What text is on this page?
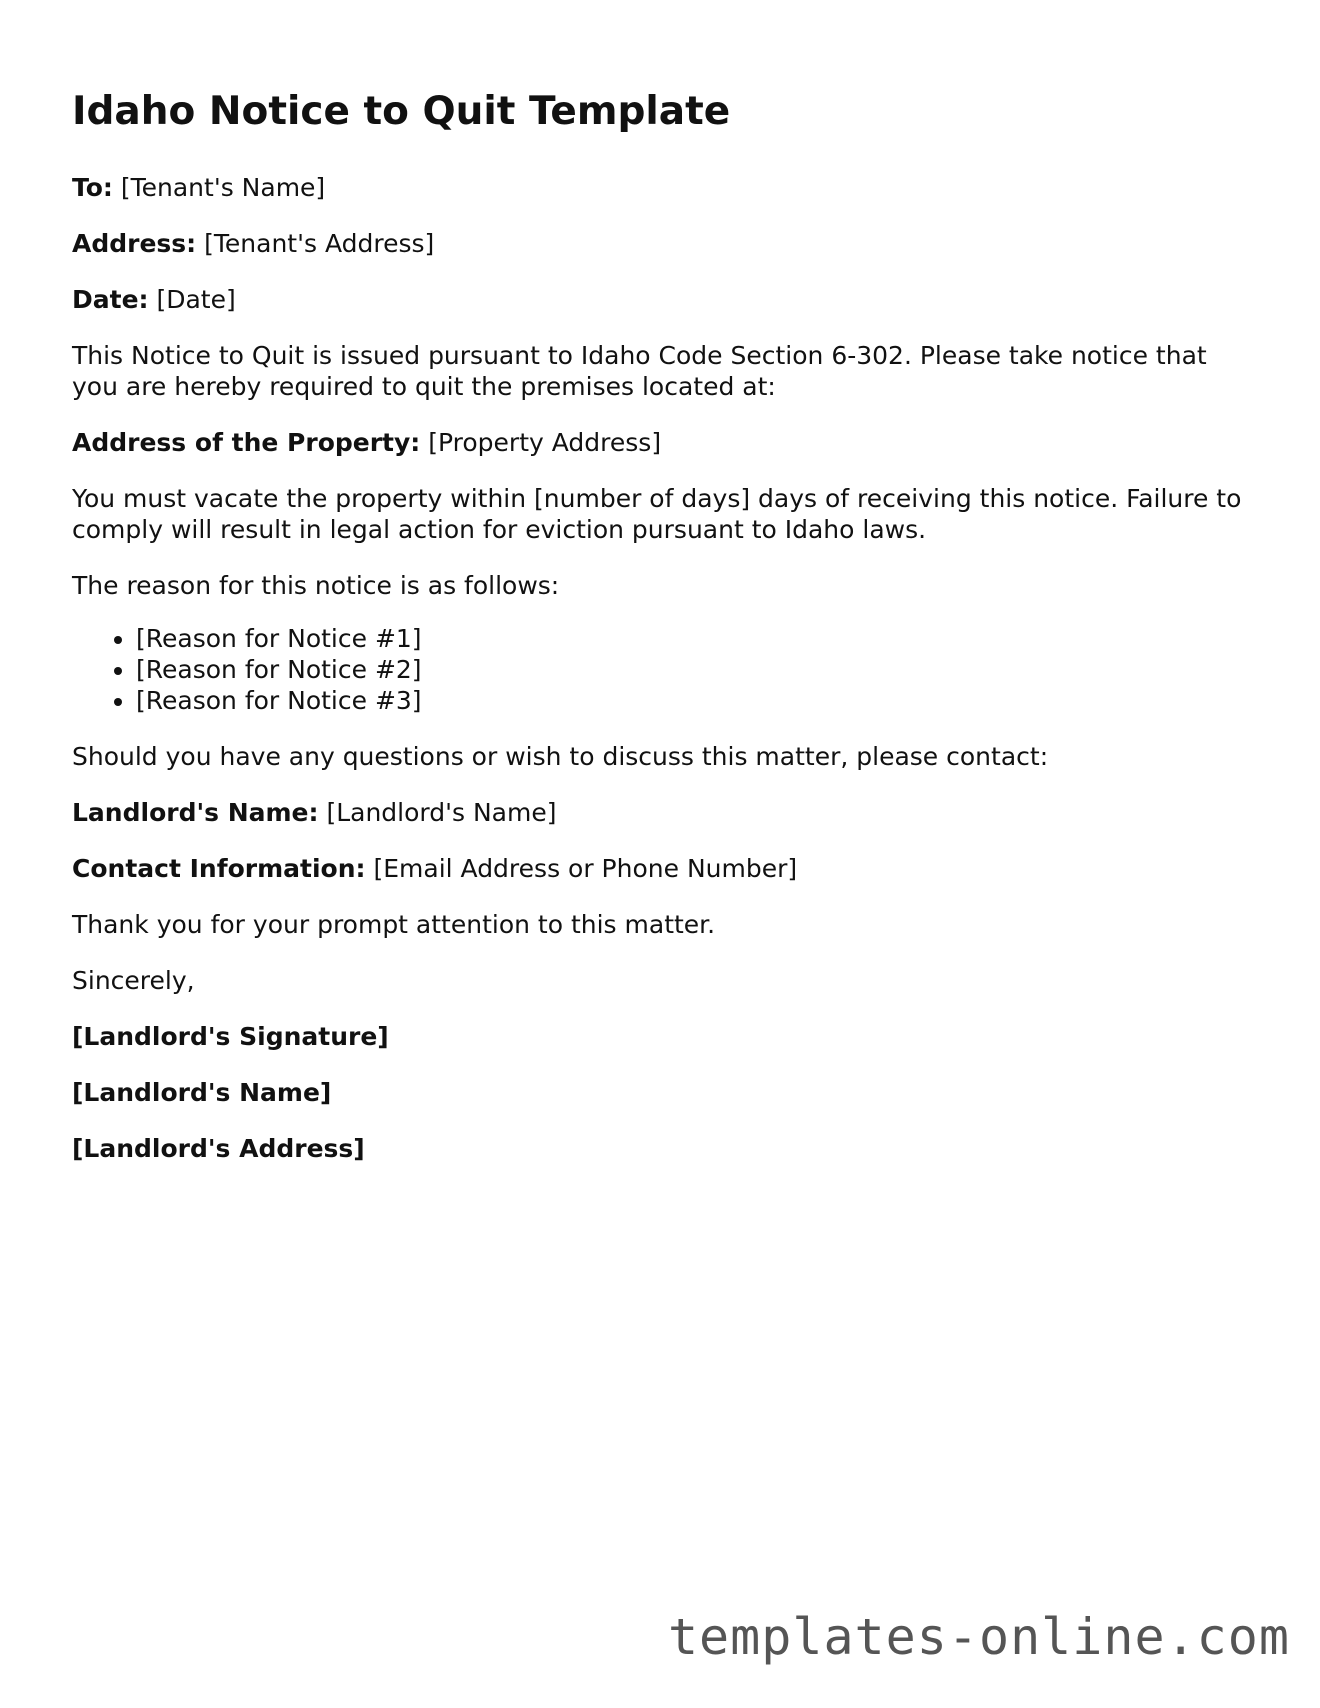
Idaho Notice to Quit Template

To: [Tenant's Name]

Address: [Tenant's Address]

Date: [Date]

This Notice to Quit is issued pursuant to Idaho Code Section 6-302. Please take notice that you are hereby required to quit the premises located at:

Address of the Property: [Property Address]

You must vacate the property within [number of days] days of receiving this notice. Failure to comply will result in legal action for eviction pursuant to Idaho laws.

The reason for this notice is as follows:

• [Reason for Notice #1]
• [Reason for Notice #2]
• [Reason for Notice #3]

Should you have any questions or wish to discuss this matter, please contact:

Landlord's Name: [Landlord's Name]

Contact Information: [Email Address or Phone Number]

Thank you for your prompt attention to this matter.

Sincerely,

[Landlord's Signature]

[Landlord's Name]

[Landlord's Address]

templates-online.com
